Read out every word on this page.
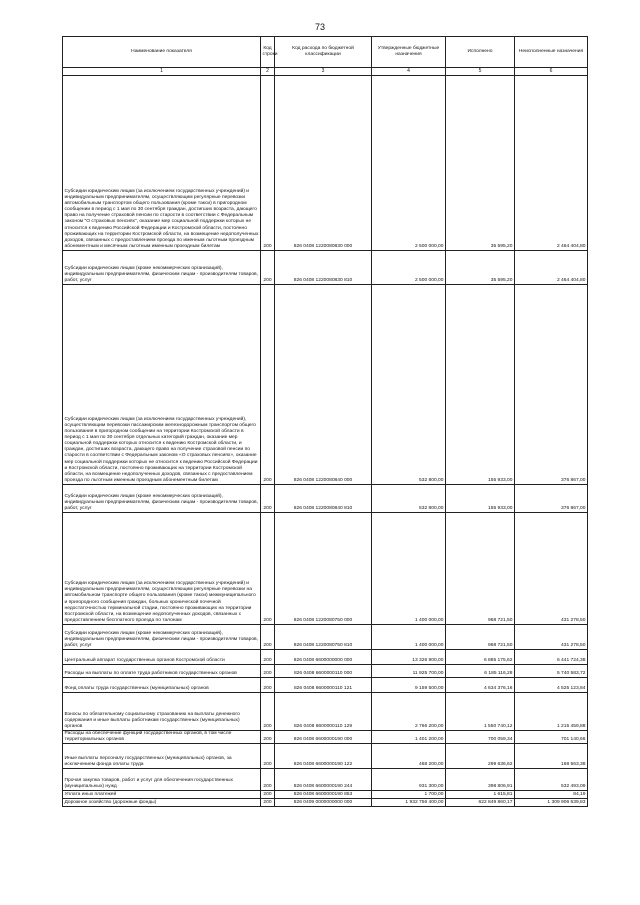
73
Наименование показателя	Код строки	Код расхода по бюджетной классификации	Утвержденные бюджетные назначения	Исполнено	Неисполненные назначения
1	2	3	4	5	6
Субсидии юридическим лицам (за исключением государственных учреждений) и индивидуальным предпринимателям, осуществляющим регулярные перевозки автомобильным транспортом общего пользования (кроме такси) в пригородном сообщении в период с 1 мая по 30 сентября граждан, достигших возраста, дающего право на получение страховой пенсии по старости в соответствии с Федеральным законом "О страховых пенсиях", оказание мер социальной поддержки которых не относится к ведению Российской Федерации и Костромской области, постоянно проживающих на территории Костромской области, на возмещение недополученных доходов, связанных с предоставлением проезда по именным льготным проездным абонементным и месячным льготным именным проездным билетам	200	826 0408 1220080830 000	2 500 000,00	35 595,20	2 464 404,80
Субсидии юридическим лицам (кроме некоммерческих организаций), индивидуальным предпринимателям, физическим лицам - производителям товаров, работ, услуг	200	826 0408 1220080830 810	2 500 000,00	35 595,20	2 464 404,80
Субсидии юридическим лицам (за исключением государственных учреждений), осуществляющим перевозки пассажирским железнодорожным транспортом общего пользования в пригородном сообщении на территории Костромской области в период с 1 мая по 30 сентября отдельных категорий граждан, оказание мер социальной поддержки которых относится к ведению Костромской области, и граждан, достигших возраста, дающего право на получение страховой пенсии по старости в соответствии с Федеральным законом «О страховых пенсиях», оказание мер социальной поддержки которых не относится к ведению Российской Федерации и Костромской области, постоянно проживающих на территории Костромской области, на возмещение недополученных доходов, связанных с предоставлением проезда по льготным именным проездным абонементным билетам	200	826 0408 1220080840 000	532 800,00	155 933,00	376 867,00
Субсидии юридическим лицам (кроме некоммерческих организаций), индивидуальным предпринимателям, физическим лицам - производителям товаров, работ, услуг	200	826 0408 1220080840 810	532 800,00	155 933,00	376 867,00
Субсидии юридическим лицам (за исключением государственных учреждений) и индивидуальным предпринимателям, осуществляющим регулярные перевозки на автомобильном транспорте общего пользования (кроме такси) межмуниципального и пригородного сообщения граждан, больных хронической почечной недостаточностью терминальной стадии, постоянно проживающих на территории Костромской области, на возмещение недополученных доходов, связанных с предоставлением бесплатного проезда по талонам	200	826 0408 1220080750 000	1 400 000,00	968 721,50	431 278,50
Субсидии юридическим лицам (кроме некоммерческих организаций), индивидуальным предпринимателям, физическим лицам - производителям товаров, работ, услуг	200	826 0408 1220080750 810	1 400 000,00	968 721,50	431 278,50
Центральный аппарат государственных органов Костромской области	200	826 0408 6600000000 000	13 326 900,00	6 885 175,62	6 441 724,38
Расходы на выплаты по оплате труда работников государственных органов	200	826 0408 6600000110 000	11 925 700,00	6 185 116,28	5 740 583,72
Фонд оплаты труда государственных (муниципальных) органов	200	826 0408 6600000110 121	9 159 500,00	4 634 376,16	4 525 123,84
Взносы по обязательному социальному страхованию на выплаты денежного содержания и иные выплаты работникам государственных (муниципальных) органов	200	826 0408 6600000110 129	2 766 200,00	1 550 740,12	1 215 459,88
Расходы на обеспечение функций государственных органов, в том числе территориальных органов	200	826 0408 6600000190 000	1 401 200,00	700 059,34	701 140,66
Иные выплаты персоналу государственных (муниципальных) органов, за исключением фонда оплаты труда	200	826 0408 6600000190 122	468 200,00	299 636,62	168 563,38
Прочая закупка товаров, работ и услуг для обеспечения государственных (муниципальных) нужд	200	826 0408 6600000190 244	931 300,00	398 806,91	532 493,09
Уплата иных платежей	200	826 0408 6600000190 853	1 700,00	1 615,81	84,19
Дорожное хозяйство (дорожные фонды)	200	826 0409 0000000000 000	1 932 756 400,00	622 849 860,17	1 309 906 539,83
